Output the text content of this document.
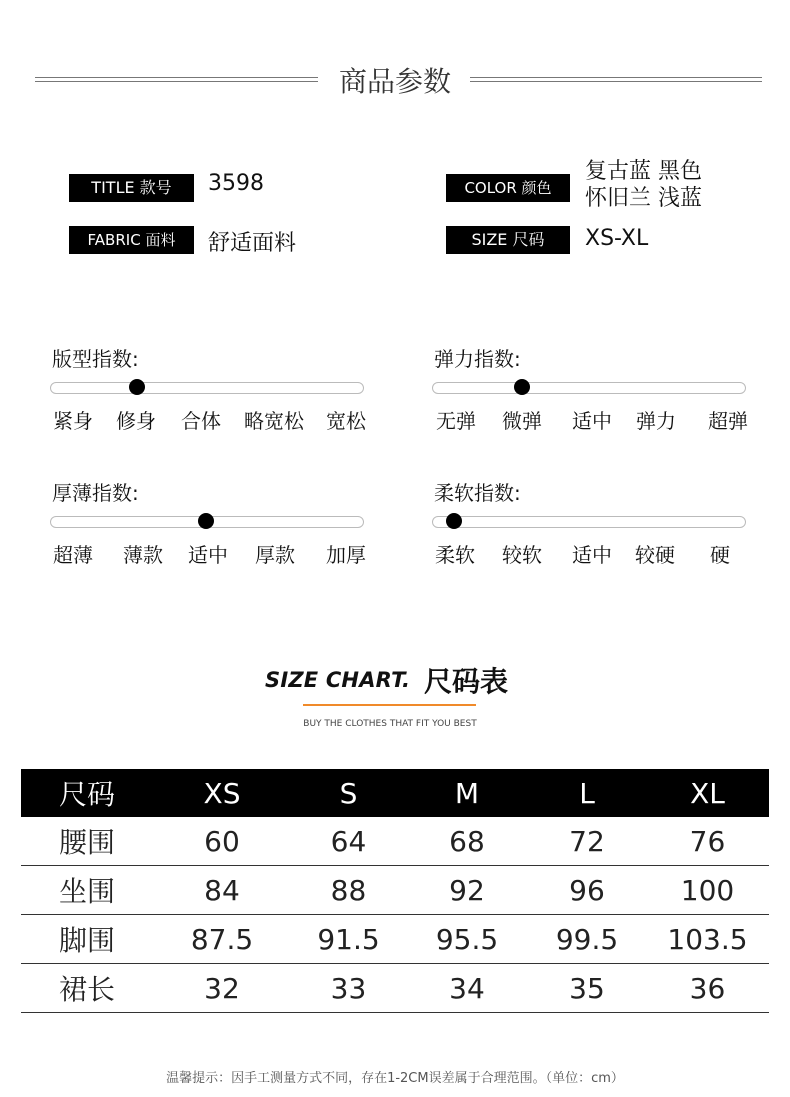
商品参数
TITLE 款号	3598
FABRIC 面料	舒适面料
COLOR 颜色
复古蓝 黑色
怀旧兰 浅蓝
SIZE 尺码	XS-XL
版型指数:
紧身 修身 合体 略宽松 宽松
弹力指数:
无弹 微弹 适中 弹力 超弹
厚薄指数:
超薄 薄款 适中 厚款 加厚
柔软指数:
柔软 较软 适中 较硬 硬
SIZE CHART. 尺码表
BUY THE CLOTHES THAT FIT YOU BEST
尺码	XS	S	M	L	XL
腰围	60	64	68	72	76
坐围	84	88	92	96	100
脚围	87.5	91.5	95.5	99.5	103.5
裙长	32	33	34	35	36
温馨提示：因手工测量方式不同，存在1-2CM误差属于合理范围。（单位：cm）
